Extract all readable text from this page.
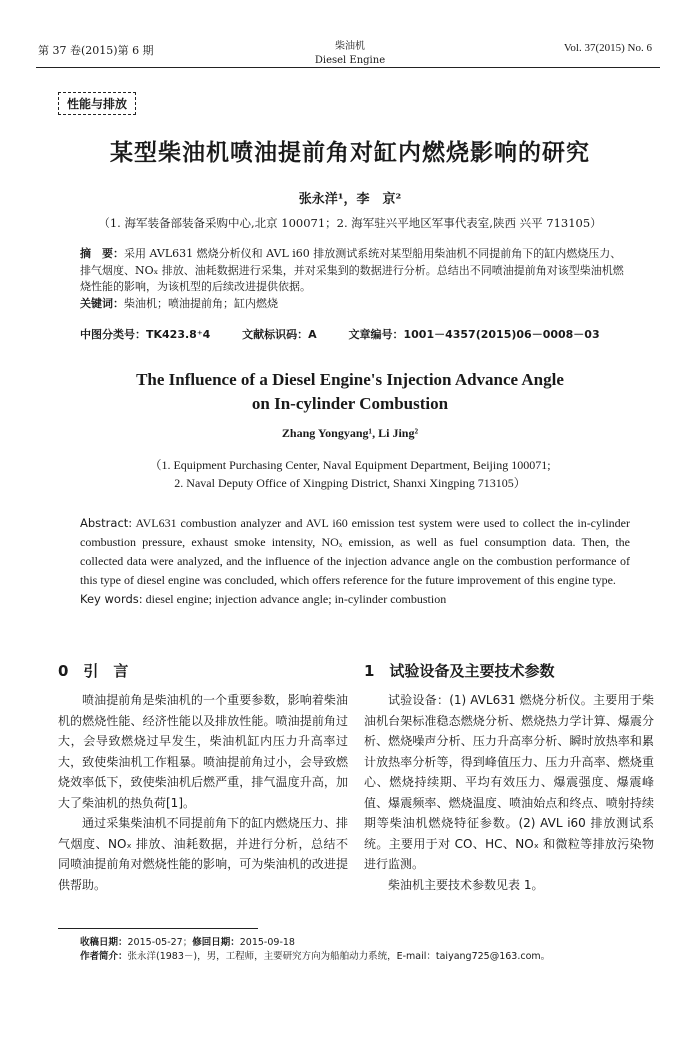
第 37 卷(2015)第 6 期	柴油机
Diesel Engine
Vol. 37(2015) No. 6
性能与排放
某型柴油机喷油提前角对缸内燃烧影响的研究
张永洋¹，李　京²
（1. 海军装备部装备采购中心,北京 100071；2. 海军驻兴平地区军事代表室,陕西 兴平 713105）
摘　要：采用 AVL631 燃烧分析仪和 AVL i60 排放测试系统对某型船用柴油机不同提前角下的缸内燃烧压力、排气烟度、NOₓ 排放、油耗数据进行采集，并对采集到的数据进行分析。总结出不同喷油提前角对该型柴油机燃烧性能的影响，为该机型的后续改进提供依据。
关键词：柴油机；喷油提前角；缸内燃烧
中图分类号：TK423.8⁺4	文献标识码：A	文章编号：1001－4357(2015)06－0008－03
The Influence of a Diesel Engine's Injection Advance Angle
on In-cylinder Combustion
Zhang Yongyang¹, Li Jing²
（1. Equipment Purchasing Center, Naval Equipment Department, Beijing 100071;
2. Naval Deputy Office of Xingping District, Shanxi Xingping 713105）
Abstract: AVL631 combustion analyzer and AVL i60 emission test system were used to collect the in-cylinder combustion pressure, exhaust smoke intensity, NOₓ emission, as well as fuel consumption data. Then, the collected data were analyzed, and the influence of the injection advance angle on the combustion performance of this type of diesel engine was concluded, which offers reference for the future improvement of this engine type.
Key words: diesel engine; injection advance angle; in-cylinder combustion
0　引　言	1　试验设备及主要技术参数

喷油提前角是柴油机的一个重要参数，影响着柴油机的燃烧性能、经济性能以及排放性能。喷油提前角过大，会导致燃烧过早发生，柴油机缸内压力升高率过大，致使柴油机工作粗暴。喷油提前角过小，会导致燃烧效率低下，致使柴油机后燃严重，排气温度升高，加大了柴油机的热负荷[1]。

通过采集柴油机不同提前角下的缸内燃烧压力、排气烟度、NOₓ 排放、油耗数据，并进行分析，总结不同喷油提前角对燃烧性能的影响，可为柴油机的改进提供帮助。

试验设备：(1) AVL631 燃烧分析仪。主要用于柴油机台架标准稳态燃烧分析、燃烧热力学计算、爆震分析、燃烧噪声分析、压力升高率分析、瞬时放热率和累计放热率分析等，得到峰值压力、压力升高率、燃烧重心、燃烧持续期、平均有效压力、爆震强度、爆震峰值、爆震频率、燃烧温度、喷油始点和终点、喷射持续期等柴油机燃烧特征参数。(2) AVL i60 排放测试系统。主要用于对 CO、HC、NOₓ 和微粒等排放污染物进行监测。

柴油机主要技术参数见表 1。

收稿日期：2015-05-27；修回日期：2015-09-18
作者简介：张永洋(1983－)，男，工程师，主要研究方向为船舶动力系统，E-mail：taiyang725@163.com。
